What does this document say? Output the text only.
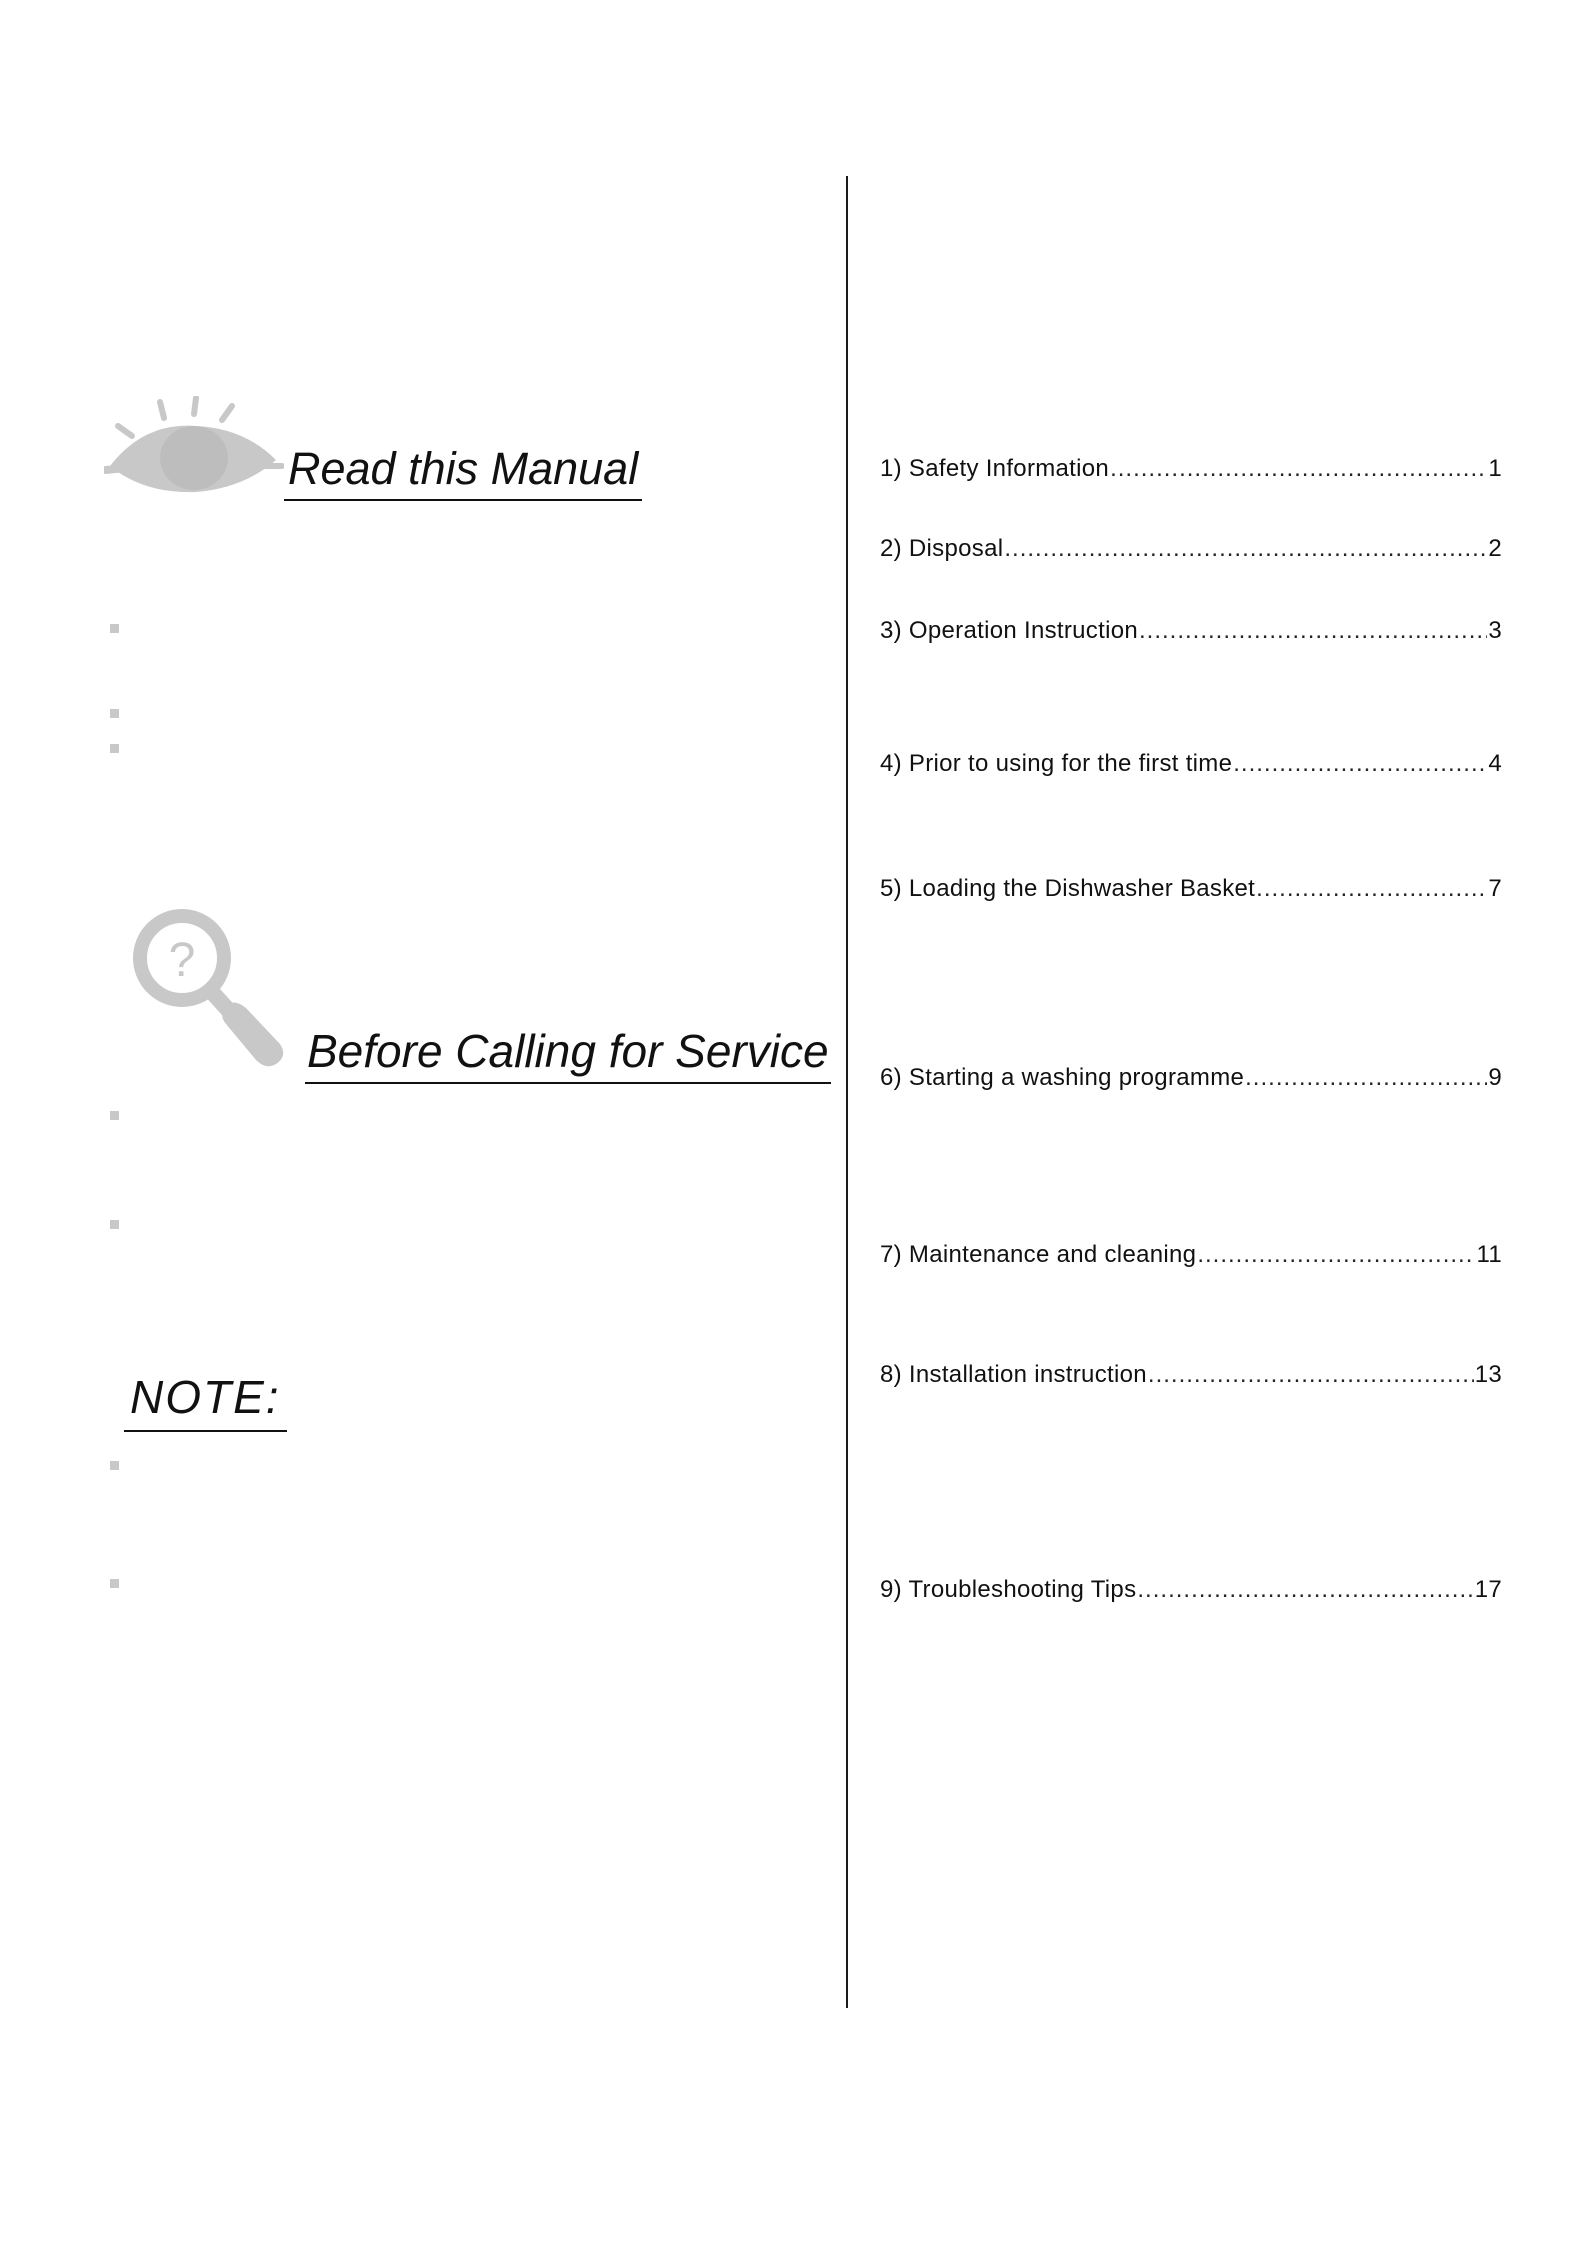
Read this Manual
?
Before Calling for Service
NOTE:
1) Safety Information .....	1
2) Disposal .....	2
3) Operation Instruction .....	3
4) Prior to using for the first time .....	4
5) Loading the Dishwasher Basket .....	7
6) Starting a washing programme .....	9
7) Maintenance and cleaning .....	11
8) Installation instruction .....	13
9) Troubleshooting Tips .....	17
